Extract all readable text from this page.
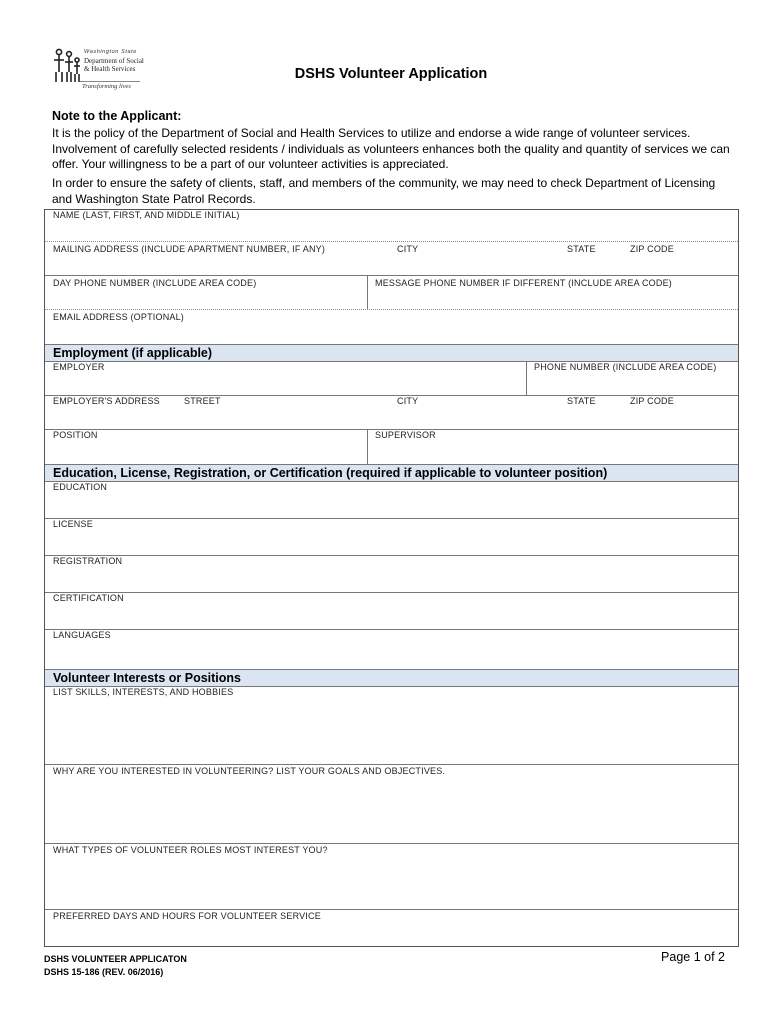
Washington State
Department of Social
& Health Services
Transforming lives
DSHS Volunteer Application
Note to the Applicant:
It is the policy of the Department of Social and Health Services to utilize and endorse a wide range of volunteer services. Involvement of carefully selected residents / individuals as volunteers enhances both the quality and quantity of services we can offer. Your willingness to be a part of our volunteer activities is appreciated.
In order to ensure the safety of clients, staff, and members of the community, we may need to check Department of Licensing and Washington State Patrol Records.
NAME (LAST, FIRST, AND MIDDLE INITIAL)
MAILING ADDRESS (INCLUDE APARTMENT NUMBER, IF ANY)	CITY	STATE	ZIP CODE
DAY PHONE NUMBER (INCLUDE AREA CODE)	MESSAGE PHONE NUMBER IF DIFFERENT (INCLUDE AREA CODE)
EMAIL ADDRESS (OPTIONAL)
Employment (if applicable)
EMPLOYER	PHONE NUMBER (INCLUDE AREA CODE)
EMPLOYER'S ADDRESS	STREET	CITY	STATE	ZIP CODE
POSITION	SUPERVISOR
Education, License, Registration, or Certification (required if applicable to volunteer position)
EDUCATION
LICENSE
REGISTRATION
CERTIFICATION
LANGUAGES
Volunteer Interests or Positions
LIST SKILLS, INTERESTS, AND HOBBIES
WHY ARE YOU INTERESTED IN VOLUNTEERING? LIST YOUR GOALS AND OBJECTIVES.
WHAT TYPES OF VOLUNTEER ROLES MOST INTEREST YOU?
PREFERRED DAYS AND HOURS FOR VOLUNTEER SERVICE
DSHS VOLUNTEER APPLICATON
DSHS 15-186 (REV. 06/2016)
Page 1 of 2
